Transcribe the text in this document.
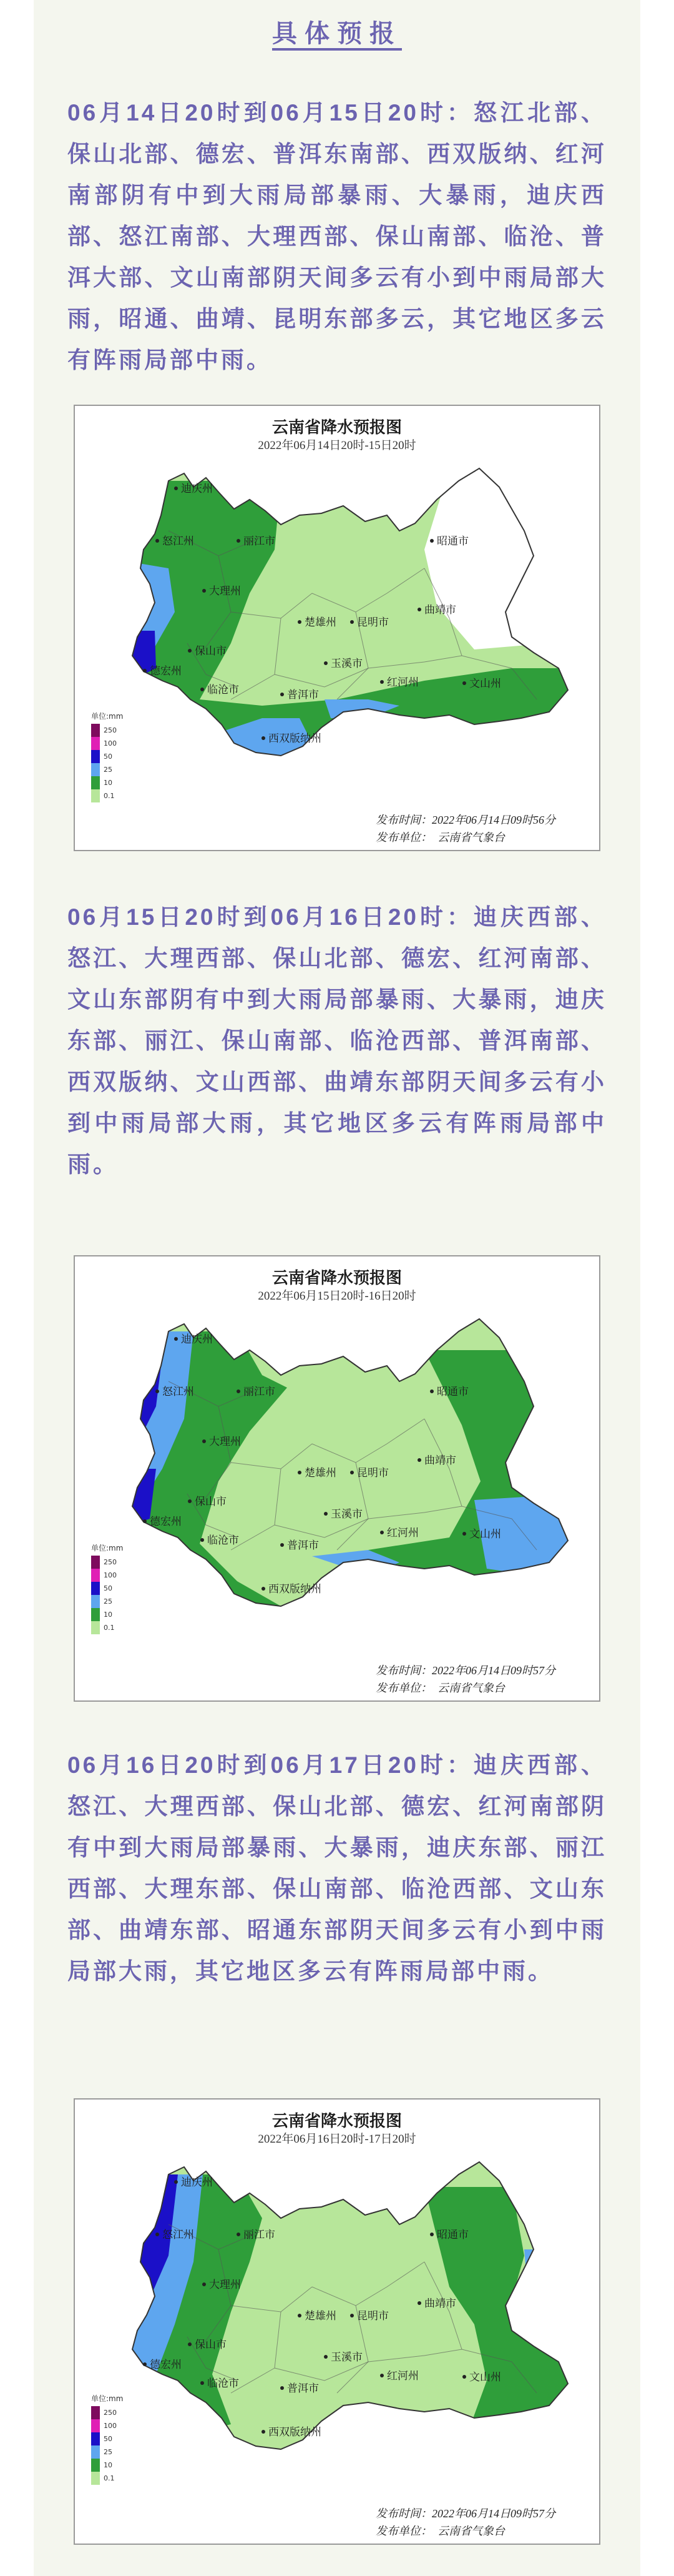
具体预报
06月14日20时到06月15日20时：怒江北部、保山北部、德宏、普洱东南部、西双版纳、红河南部阴有中到大雨局部暴雨、大暴雨，迪庆西部、怒江南部、大理西部、保山南部、临沧、普洱大部、文山南部阴天间多云有小到中雨局部大雨，昭通、曲靖、昆明东部多云，其它地区多云有阵雨局部中雨。
云南省降水预报图
2022年06月14日20时-15日20时
迪庆州
怒江州	丽江市
大理州
保山市
德宏州
临沧市
楚雄州 昆明市
曲靖市
昭通市
玉溪市
普洱市
红河州	文山州
西双版纳州
单位:mm
250
100
50
25
10
0.1
发布时间：2022年06月14日09时56分
发布单位：　云南省气象台
06月15日20时到06月16日20时：迪庆西部、怒江、大理西部、保山北部、德宏、红河南部、文山东部阴有中到大雨局部暴雨、大暴雨，迪庆东部、丽江、保山南部、临沧西部、普洱南部、西双版纳、文山西部、曲靖东部阴天间多云有小到中雨局部大雨，其它地区多云有阵雨局部中雨。
云南省降水预报图
2022年06月15日20时-16日20时
迪庆州
怒江州	丽江市
大理州
保山市
德宏州
临沧市
楚雄州 昆明市
曲靖市
昭通市
玉溪市
普洱市
红河州	文山州
西双版纳州
单位:mm
250
100
50
25
10
0.1
发布时间：2022年06月14日09时57分
发布单位：　云南省气象台
06月16日20时到06月17日20时：迪庆西部、怒江、大理西部、保山北部、德宏、红河南部阴有中到大雨局部暴雨、大暴雨，迪庆东部、丽江西部、大理东部、保山南部、临沧西部、文山东部、曲靖东部、昭通东部阴天间多云有小到中雨局部大雨，其它地区多云有阵雨局部中雨。
云南省降水预报图
2022年06月16日20时-17日20时
迪庆州
怒江州	丽江市
大理州
保山市
德宏州
临沧市
楚雄州 昆明市
曲靖市
昭通市
玉溪市
普洱市
红河州	文山州
西双版纳州
单位:mm
250
100
50
25
10
0.1
发布时间：2022年06月14日09时57分
发布单位：　云南省气象台
